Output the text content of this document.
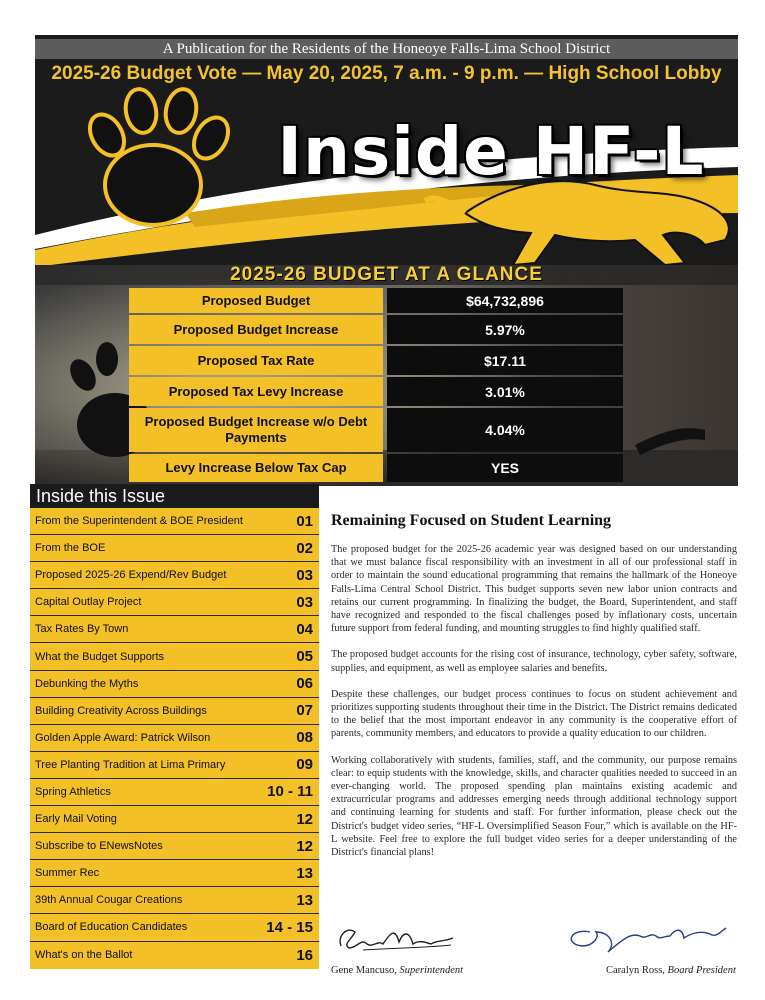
A Publication for the Residents of the Honeoye Falls-Lima School District
2025-26 Budget Vote — May 20, 2025, 7 a.m. - 9 p.m. — High School Lobby
Inside HF-L
2025-26 BUDGET AT A GLANCE
Proposed Budget	$64,732,896
Proposed Budget Increase	5.97%
Proposed Tax Rate	$17.11
Proposed Tax Levy Increase	3.01%
Proposed Budget Increase w/o Debt Payments	4.04%
Levy Increase Below Tax Cap	YES
Inside this Issue
From the Superintendent & BOE President	01
From the BOE	02
Proposed 2025-26 Expend/Rev Budget	03
Capital Outlay Project	03
Tax Rates By Town	04
What the Budget Supports	05
Debunking the Myths	06
Building Creativity Across Buildings	07
Golden Apple Award: Patrick Wilson	08
Tree Planting Tradition at Lima Primary	09
Spring Athletics	10 - 11
Early Mail Voting	12
Subscribe to ENewsNotes	12
Summer Rec	13
39th Annual Cougar Creations	13
Board of Education Candidates	14 - 15
What's on the Ballot	16
Remaining Focused on Student Learning

The proposed budget for the 2025-26 academic year was designed based on our understanding that we must balance fiscal responsibility with an investment in all of our professional staff in order to maintain the sound educational programming that remains the hallmark of the Honeoye Falls-Lima Central School District. This budget supports seven new labor union contracts and retains our current programming. In finalizing the budget, the Board, Superintendent, and staff have recognized and responded to the fiscal challenges posed by inflationary costs, uncertain future support from federal funding, and mounting struggles to find highly qualified staff.

The proposed budget accounts for the rising cost of insurance, technology, cyber safety, software, supplies, and equipment, as well as employee salaries and benefits.

Despite these challenges, our budget process continues to focus on student achievement and prioritizes supporting students throughout their time in the District. The District remains dedicated to the belief that the most important endeavor in any community is the cooperative effort of parents, community members, and educators to provide a quality education to our children.

Working collaboratively with students, families, staff, and the community, our purpose remains clear: to equip students with the knowledge, skills, and character qualities needed to succeed in an ever-changing world. The proposed spending plan maintains existing academic and extracurricular programs and addresses emerging needs through additional technology support and continuing learning for students and staff. For further information, please check out the District's budget video series, “HF-L Oversimplified Season Four,” which is available on the HF-L website. Feel free to explore the full budget video series for a deeper understanding of the District's financial plans!

Gene Mancuso, Superintendent	Caralyn Ross, Board President
